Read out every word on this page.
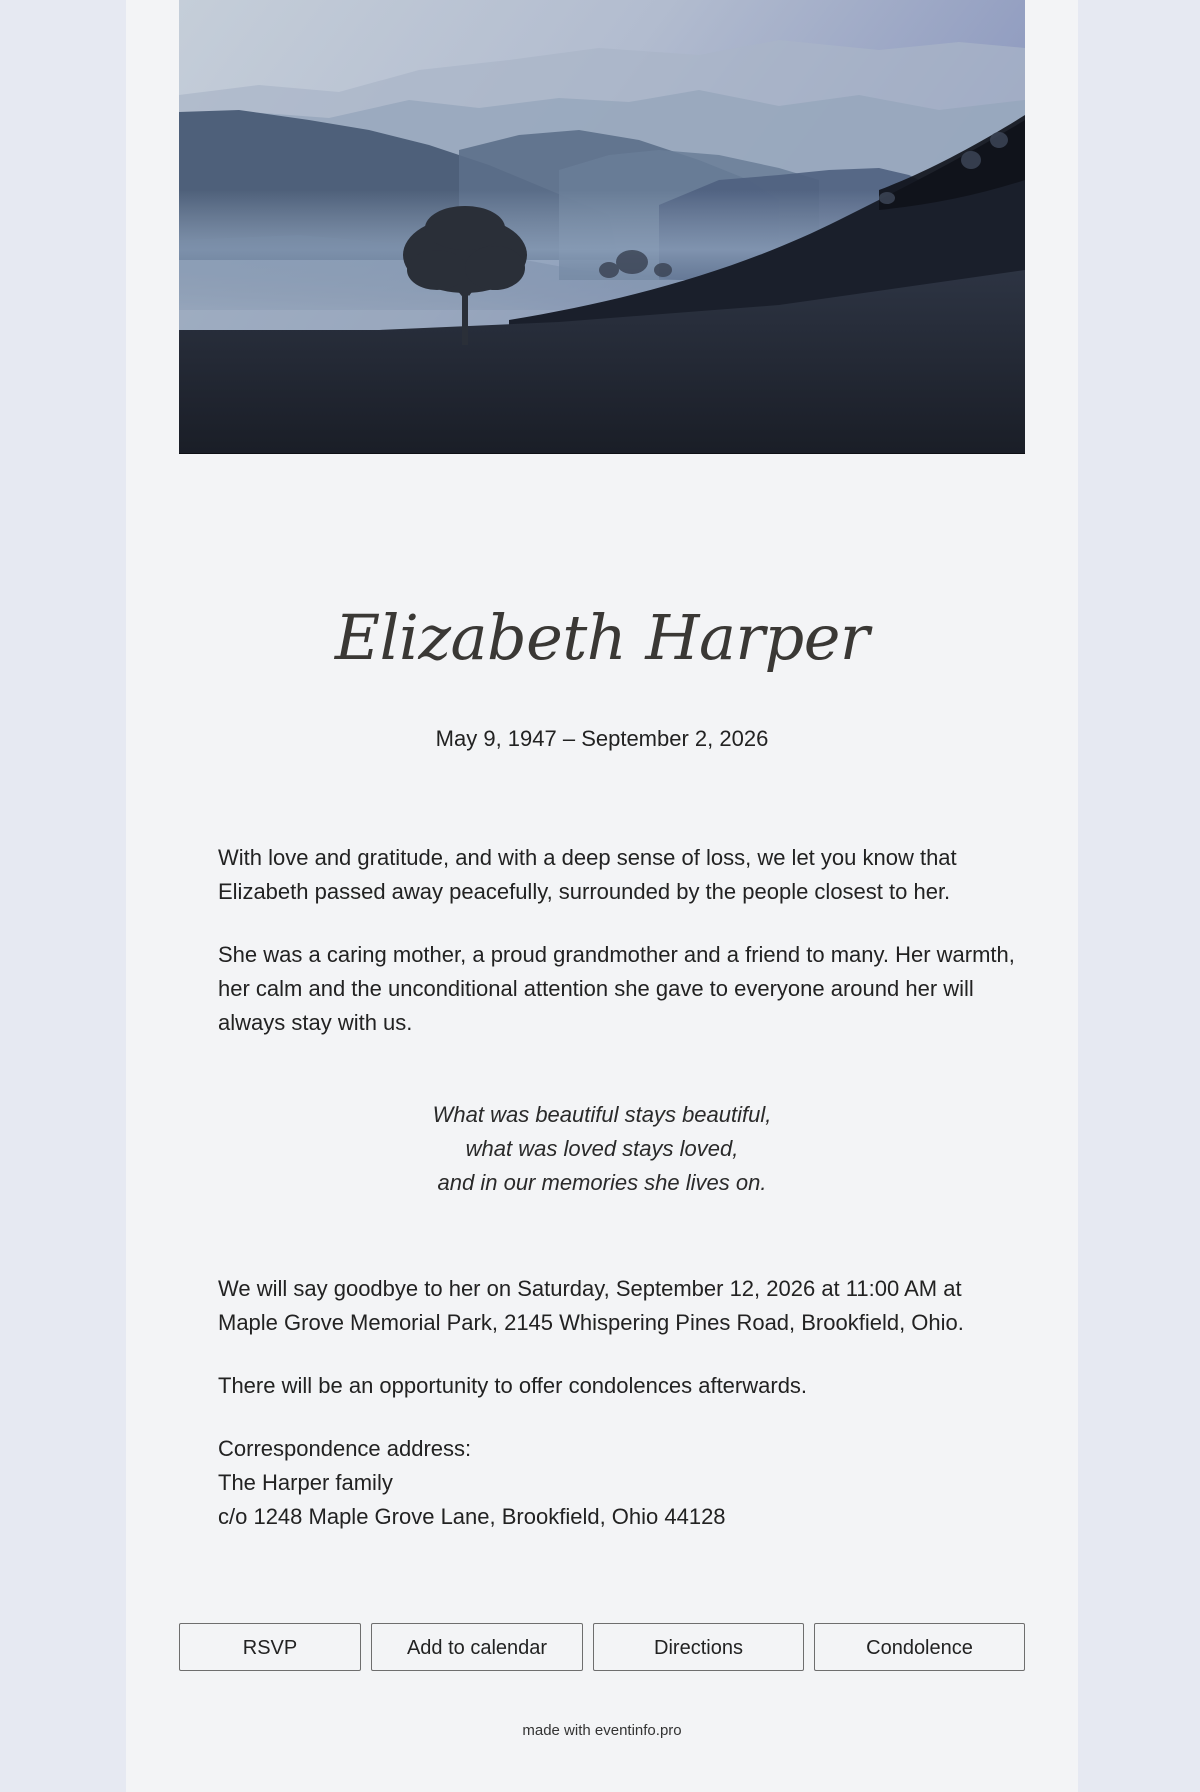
Elizabeth Harper
May 9, 1947 – September 2, 2026

With love and gratitude, and with a deep sense of loss, we let you know that Elizabeth passed away peacefully, surrounded by the people closest to her.

She was a caring mother, a proud grandmother and a friend to many. Her warmth, her calm and the unconditional attention she gave to everyone around her will always stay with us.

What was beautiful stays beautiful,
what was loved stays loved,
and in our memories she lives on.

We will say goodbye to her on Saturday, September 12, 2026 at 11:00 AM at Maple Grove Memorial Park, 2145 Whispering Pines Road, Brookfield, Ohio.

There will be an opportunity to offer condolences afterwards.

Correspondence address:
The Harper family
c/o 1248 Maple Grove Lane, Brookfield, Ohio 44128
RSVP	Add to calendar	Directions	Condolence
made with eventinfo.pro
